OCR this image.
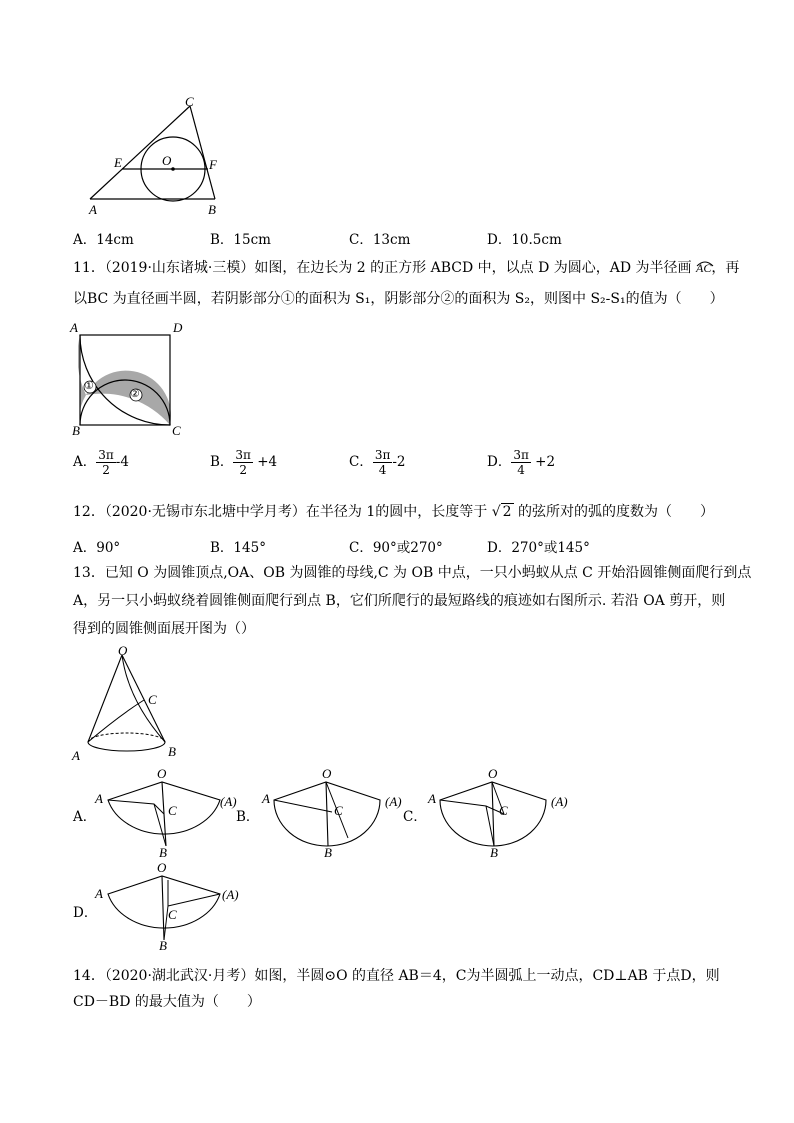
C
E	O	F
A	B
A．14cm	B．15cm	C．13cm	D．10.5cm
11．（2019·山东诸城·三模）如图，在边长为 2 的正方形 ABCD 中，以点 D 为圆心，AD 为半径画
AC，再
以BC 为直径画半圆，若阴影部分①的面积为 S₁，阴影部分②的面积为 S₂，则图中 S₂-S₁的值为（　　）
①
②
A	D
B	C
A． $\frac{3\pi}{2} -4$	B． $\frac{3\pi}{2} +4$	C． $\frac{3\pi}{4} -2$	D． $\frac{3\pi}{4} +2$
12．（2020·无锡市东北塘中学月考）在半径为 1的圆中，长度等于 √ 2 的弦所对的弧的度数为（　　）
A．90°	B．145°	C．90°或270°	D．270°或145°
13．已知 O 为圆锥顶点,OA、OB 为圆锥的母线,C 为 OB 中点，一只小蚂蚁从点 C 开始沿圆锥侧面爬行到点
A，另一只小蚂蚁绕着圆锥侧面爬行到点 B，它们所爬行的最短路线的痕迹如右图所示. 若沿 OA 剪开，则
得到的圆锥侧面展开图为（）
O
C
A	B
A．
O
A
C
(A)
B
B．
O
A
C
(A)
B
C．
O
A
C
(A)
B
D．
O
A
C
(A)
B
14．（2020·湖北武汉·月考）如图，半圆⊙O 的直径 AB＝4，C为半圆弧上一动点，CD⊥AB 于点D，则
CD－BD 的最大值为（　　）
